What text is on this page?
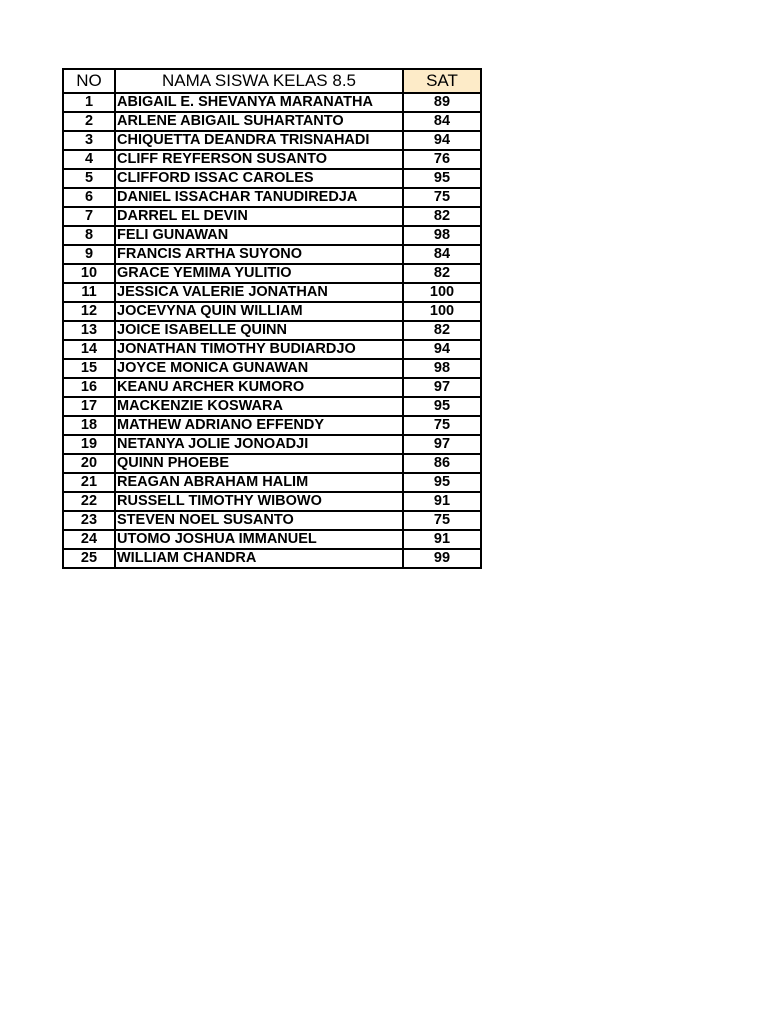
NO	NAMA SISWA KELAS 8.5	SAT
1	ABIGAIL E. SHEVANYA MARANATHA	89
2	ARLENE ABIGAIL SUHARTANTO	84
3	CHIQUETTA DEANDRA TRISNAHADI	94
4	CLIFF REYFERSON SUSANTO	76
5	CLIFFORD ISSAC CAROLES	95
6	DANIEL ISSACHAR TANUDIREDJA	75
7	DARREL EL DEVIN	82
8	FELI GUNAWAN	98
9	FRANCIS ARTHA SUYONO	84
10	GRACE YEMIMA YULITIO	82
11	JESSICA VALERIE JONATHAN	100
12	JOCEVYNA QUIN WILLIAM	100
13	JOICE ISABELLE QUINN	82
14	JONATHAN TIMOTHY BUDIARDJO	94
15	JOYCE MONICA GUNAWAN	98
16	KEANU ARCHER KUMORO	97
17	MACKENZIE KOSWARA	95
18	MATHEW ADRIANO EFFENDY	75
19	NETANYA JOLIE JONOADJI	97
20	QUINN PHOEBE	86
21	REAGAN ABRAHAM HALIM	95
22	RUSSELL TIMOTHY WIBOWO	91
23	STEVEN NOEL SUSANTO	75
24	UTOMO JOSHUA IMMANUEL	91
25	WILLIAM CHANDRA	99
